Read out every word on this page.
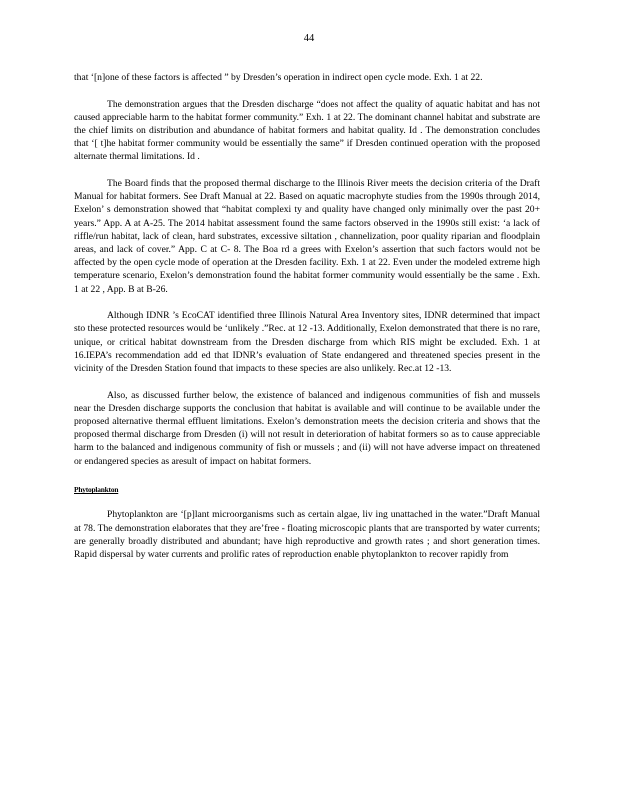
44

that ‘[n]one of these factors is affected ” by Dresden’s operation in indirect open cycle mode. Exh. 1 at 22.

The demonstration argues that the Dresden discharge “does not affect the quality of aquatic habitat and has not caused appreciable harm to the habitat former community.” Exh. 1 at 22. The dominant channel habitat and substrate are the chief limits on distribution and abundance of habitat formers and habitat quality. Id . The demonstration concludes that ‘[ t]he habitat former community would be essentially the same” if Dresden continued operation with the proposed alternate thermal limitations. Id .

The Board finds that the proposed thermal discharge to the Illinois River meets the decision criteria of the Draft Manual for habitat formers. See Draft Manual at 22. Based on aquatic macrophyte studies from the 1990s through 2014, Exelon’ s demonstration showed that “habitat complexi ty and quality have changed only minimally over the past 20+ years.” App. A at A-25. The 2014 habitat assessment found the same factors observed in the 1990s still exist: ‘a lack of riffle/run habitat, lack of clean, hard substrates, excessive siltation , channelization, poor quality riparian and floodplain areas, and lack of cover.” App. C at C- 8. The Boa rd a grees with Exelon’s assertion that such factors would not be affected by the open cycle mode of operation at the Dresden facility. Exh. 1 at 22. Even under the modeled extreme high temperature scenario, Exelon’s demonstration found the habitat former community would essentially be the same . Exh. 1 at 22 , App. B at B-26.

Although IDNR ’s EcoCAT identified three Illinois Natural Area Inventory sites, IDNR determined that impact sto these protected resources would be ‘unlikely .”Rec. at 12 -13. Additionally, Exelon demonstrated that there is no rare, unique, or critical habitat downstream from the Dresden discharge from which RIS might be excluded. Exh. 1 at 16.IEPA’s recommendation add ed that IDNR’s evaluation of State endangered and threatened species present in the vicinity of the Dresden Station found that impacts to these species are also unlikely. Rec.at 12 -13.

Also, as discussed further below, the existence of balanced and indigenous communities of fish and mussels near the Dresden discharge supports the conclusion that habitat is available and will continue to be available under the proposed alternative thermal effluent limitations. Exelon’s demonstration meets the decision criteria and shows that the proposed thermal discharge from Dresden (i) will not result in deterioration of habitat formers so as to cause appreciable harm to the balanced and indigenous community of fish or mussels ; and (ii) will not have adverse impact on threatened or endangered species as aresult of impact on habitat formers.

Phytoplankton

Phytoplankton are ‘[p]lant microorganisms such as certain algae, liv ing unattached in the water.”Draft Manual at 78. The demonstration elaborates that they are’free - floating microscopic plants that are transported by water currents; are generally broadly distributed and abundant; have high reproductive and growth rates ; and short generation times. Rapid dispersal by water currents and prolific rates of reproduction enable phytoplankton to recover rapidly from
